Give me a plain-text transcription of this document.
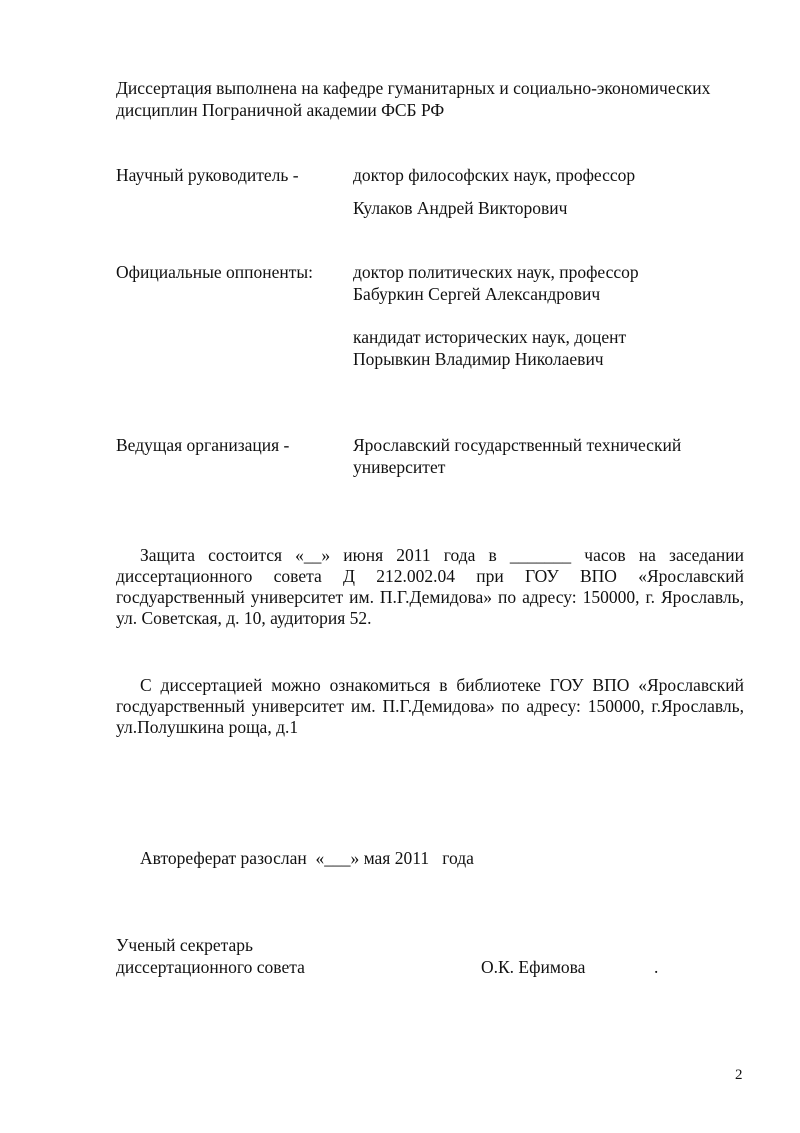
Диссертация выполнена на кафедре гуманитарных и социально-экономических
дисциплин Пограничной академии ФСБ РФ
Научный руководитель -	доктор философских наук, профессор
Кулаков Андрей Викторович
Официальные оппоненты: доктор политических наук, профессор
Бабуркин Сергей Александрович
кандидат исторических наук, доцент
Порывкин Владимир Николаевич
Ведущая организация -	Ярославский государственный технический
университет
Защита состоится «__» июня 2011 года в _______ часов на заседании диссертационного совета Д 212.002.04 при ГОУ ВПО «Ярославский госдуарственный университет им. П.Г.Демидова» по адресу: 150000, г. Ярославль, ул. Советская, д. 10, аудитория 52.
С диссертацией можно ознакомиться в библиотеке ГОУ ВПО «Ярославский госдуарственный университет им. П.Г.Демидова» по адресу: 150000, г.Ярославль, ул.Полушкина роща, д.1
Автореферат разослан  «___» мая 2011   года
Ученый секретарь
диссертационного совета	О.К. Ефимова	.
2
